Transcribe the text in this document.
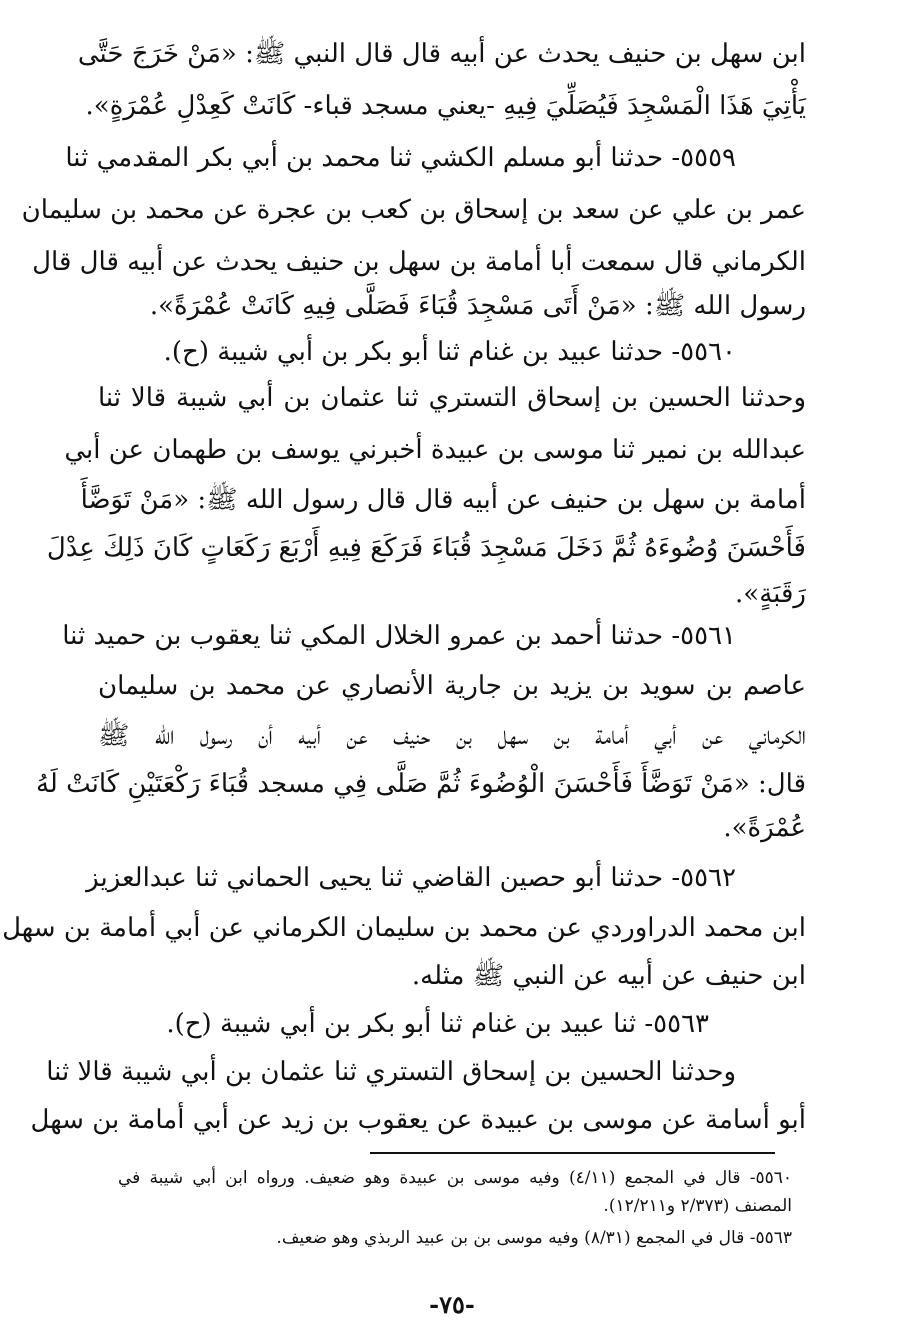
ابن سهل بن حنيف يحدث عن أبيه قال قال النبي ﷺ: «مَنْ خَرَجَ حَتَّى
يَأْتِيَ هَذَا الْمَسْجِدَ فَيُصَلِّيَ فِيهِ -يعني مسجد قباء- كَانَتْ كَعِدْلِ عُمْرَةٍ».
٥٥٥٩- حدثنا أبو مسلم الكشي ثنا محمد بن أبي بكر المقدمي ثنا
عمر بن علي عن سعد بن إسحاق بن كعب بن عجرة عن محمد بن سليمان
الكرماني قال سمعت أبا أمامة بن سهل بن حنيف يحدث عن أبيه قال قال
رسول الله ﷺ: «مَنْ أَتَى مَسْجِدَ قُبَاءَ فَصَلَّى فِيهِ كَانَتْ عُمْرَةً».
٥٥٦٠- حدثنا عبيد بن غنام ثنا أبو بكر بن أبي شيبة (ح).
وحدثنا الحسين بن إسحاق التستري ثنا عثمان بن أبي شيبة قالا ثنا
عبدالله بن نمير ثنا موسى بن عبيدة أخبرني يوسف بن طهمان عن أبي
أمامة بن سهل بن حنيف عن أبيه قال قال رسول الله ﷺ: «مَنْ تَوَضَّأَ
فَأَحْسَنَ وُضُوءَهُ ثُمَّ دَخَلَ مَسْجِدَ قُبَاءَ فَرَكَعَ فِيهِ أَرْبَعَ رَكَعَاتٍ كَانَ ذَلِكَ عِدْلَ
رَقَبَةٍ».
٥٥٦١- حدثنا أحمد بن عمرو الخلال المكي ثنا يعقوب بن حميد ثنا
عاصم بن سويد بن يزيد بن جارية الأنصاري عن محمد بن سليمان
الكرماني عن أبي أمامة بن سهل بن حنيف عن أبيه أن رسول الله ﷺ
قال: «مَنْ تَوَضَّأَ فَأَحْسَنَ الْوُضُوءَ ثُمَّ صَلَّى فِي مسجد قُبَاءَ رَكْعَتَيْنِ كَانَتْ لَهُ
عُمْرَةً».
٥٥٦٢- حدثنا أبو حصين القاضي ثنا يحيى الحماني ثنا عبدالعزيز
ابن محمد الدراوردي عن محمد بن سليمان الكرماني عن أبي أمامة بن سهل
ابن حنيف عن أبيه عن النبي ﷺ مثله.
٥٥٦٣- ثنا عبيد بن غنام ثنا أبو بكر بن أبي شيبة (ح).
وحدثنا الحسين بن إسحاق التستري ثنا عثمان بن أبي شيبة قالا ثنا
أبو أسامة عن موسى بن عبيدة عن يعقوب بن زيد عن أبي أمامة بن سهل
٥٥٦٠- قال في المجمع (٤/١١) وفيه موسى بن عبيدة وهو ضعيف. ورواه ابن أبي شيبة في
المصنف (٢/٣٧٣ و١٢/٢١١).
٥٥٦٣- قال في المجمع (٨/٣١) وفيه موسى بن بن عبيد الربذي وهو ضعيف.
-٧٥-
